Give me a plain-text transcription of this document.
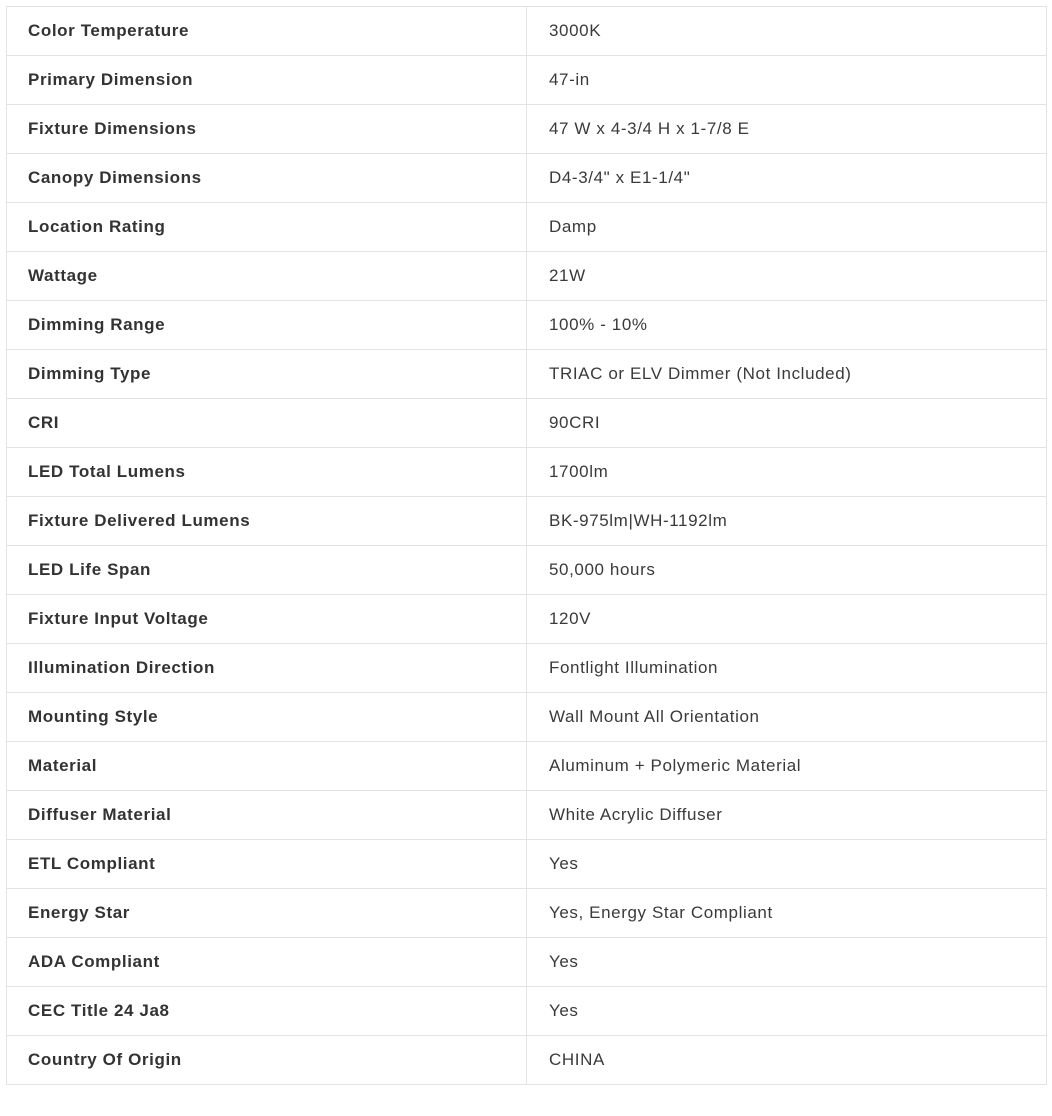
Color Temperature	3000K
Primary Dimension	47-in
Fixture Dimensions	47 W x 4-3/4 H x 1-7/8 E
Canopy Dimensions	D4-3/4" x E1-1/4"
Location Rating	Damp
Wattage	21W
Dimming Range	100% - 10%
Dimming Type	TRIAC or ELV Dimmer (Not Included)
CRI	90CRI
LED Total Lumens	1700lm
Fixture Delivered Lumens	BK-975lm|WH-1192lm
LED Life Span	50,000 hours
Fixture Input Voltage	120V
Illumination Direction	Fontlight Illumination
Mounting Style	Wall Mount All Orientation
Material	Aluminum + Polymeric Material
Diffuser Material	White Acrylic Diffuser
ETL Compliant	Yes
Energy Star	Yes, Energy Star Compliant
ADA Compliant	Yes
CEC Title 24 Ja8	Yes
Country Of Origin	CHINA
